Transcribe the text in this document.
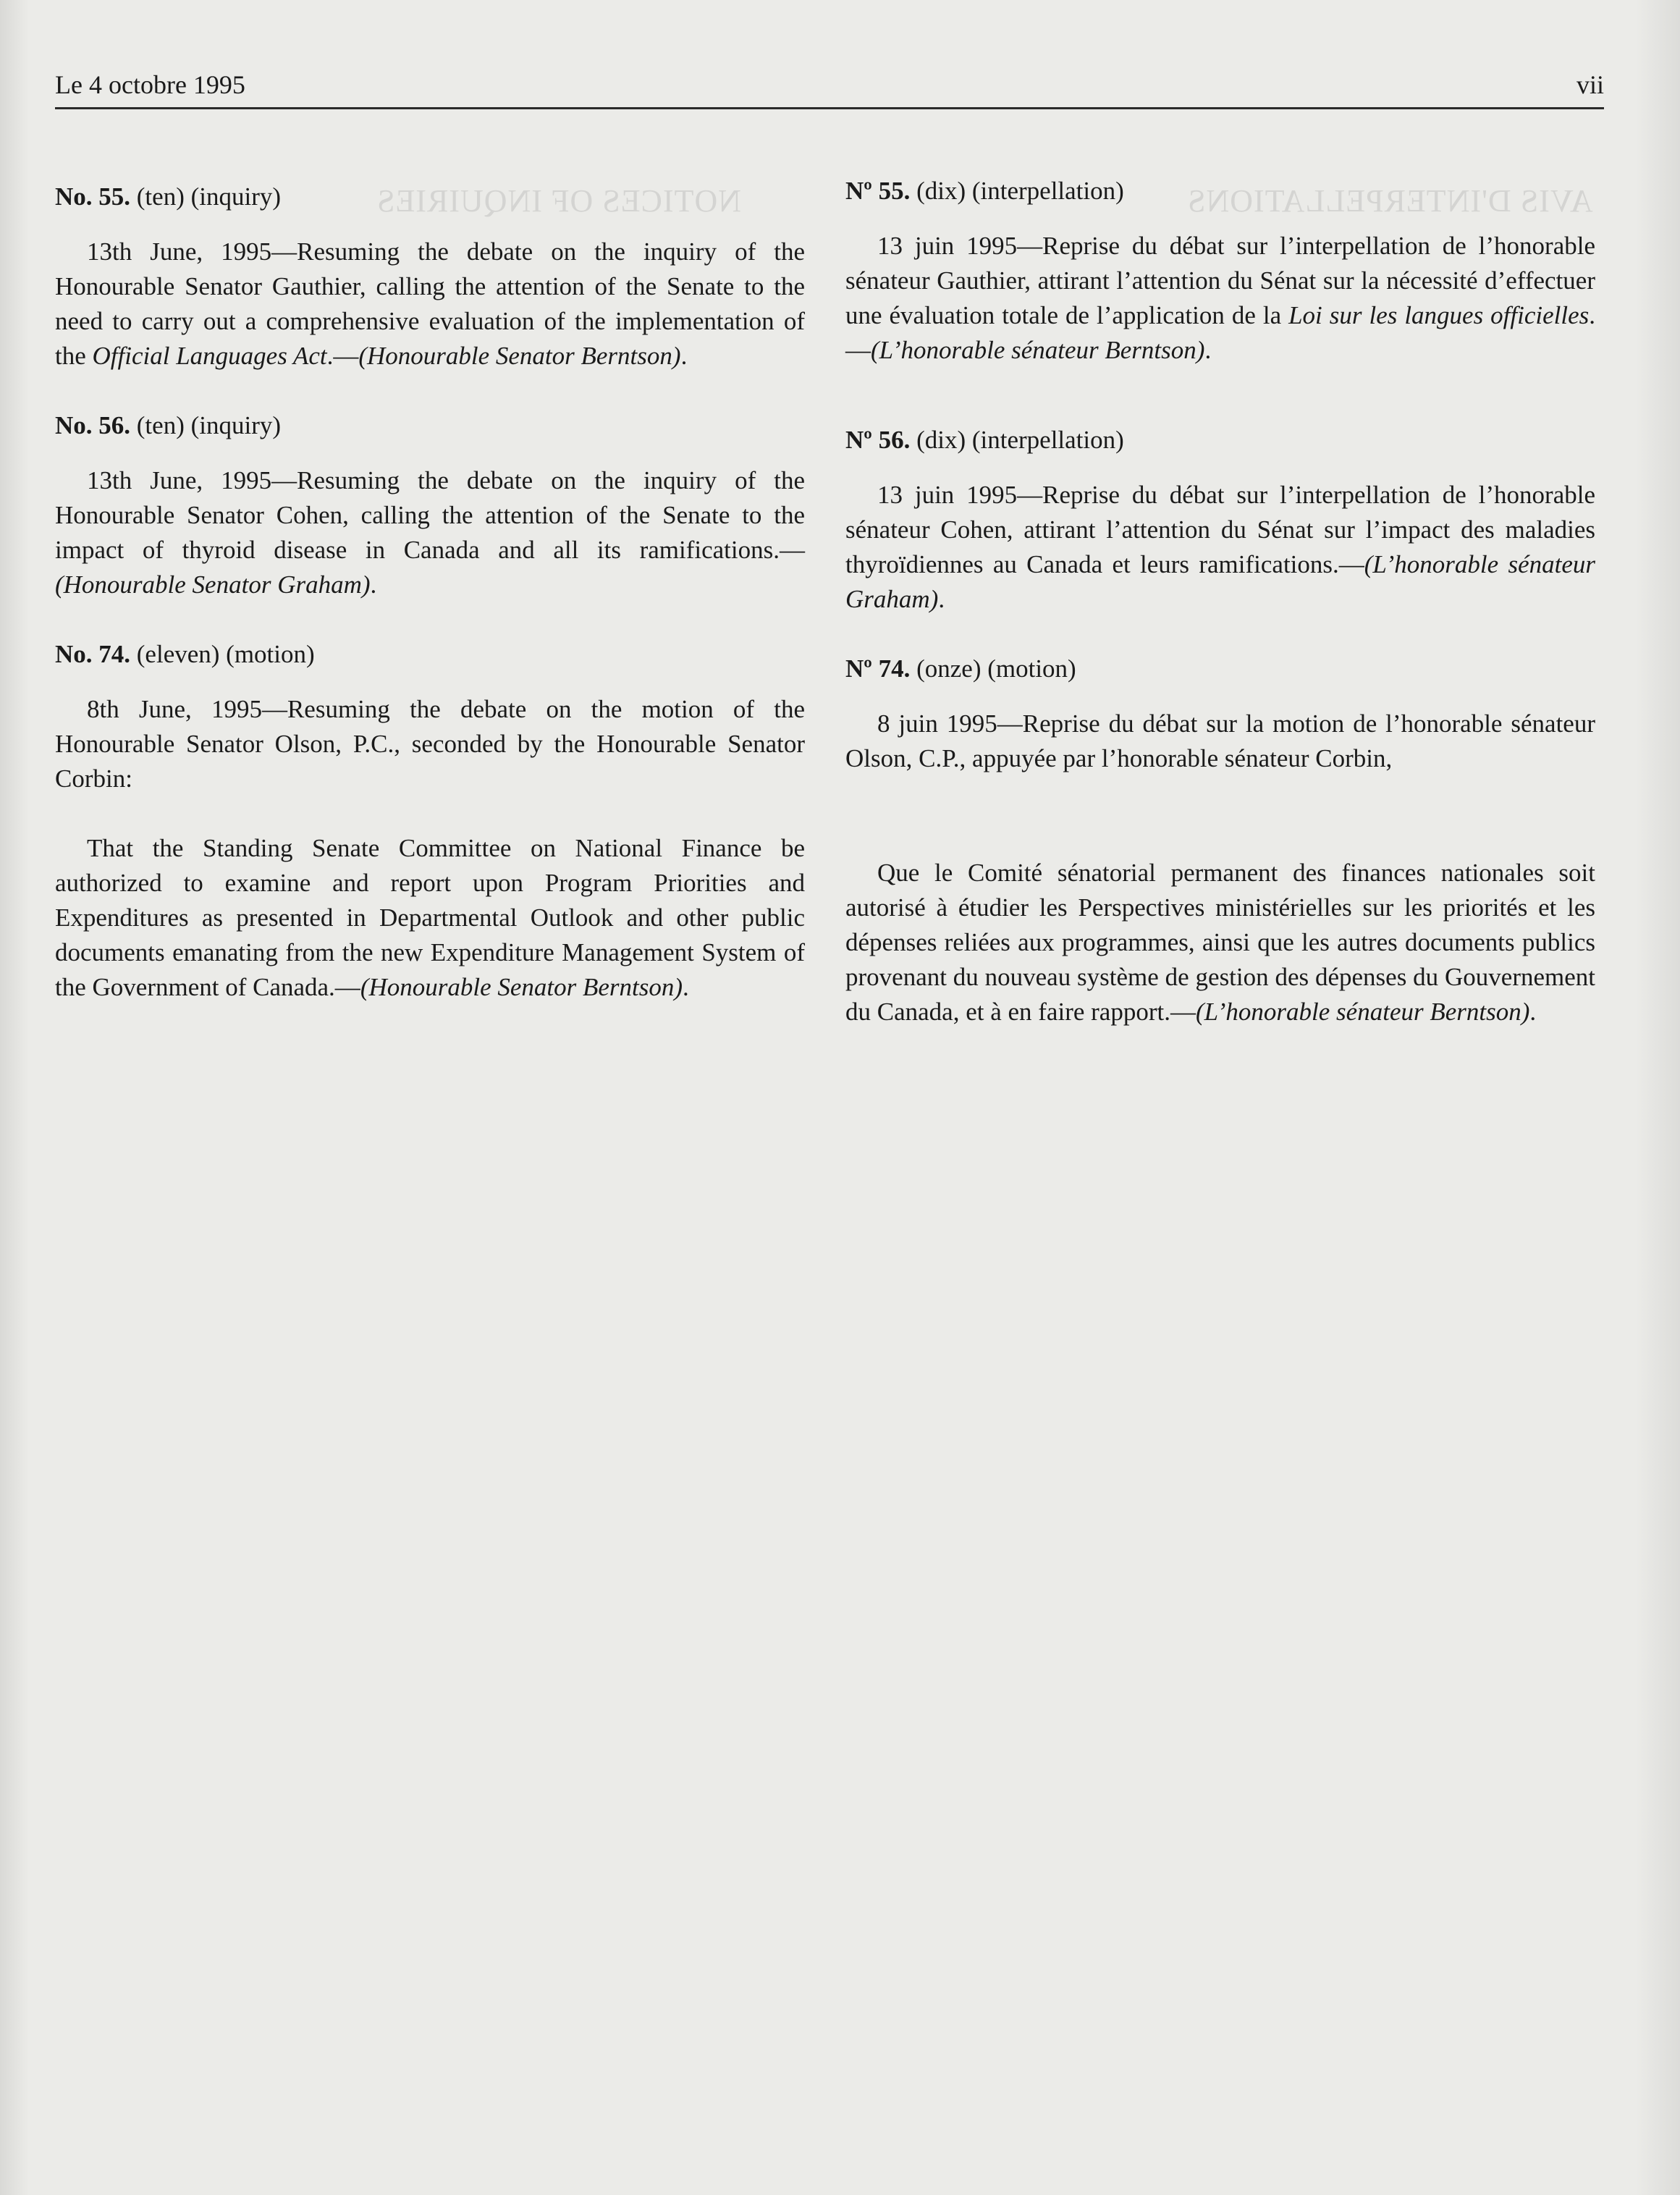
AVIS D'INTERPELLATIONS
NOTICES OF INQUIRIES
Le 4 octobre 1995	vii

No. 55. (ten) (inquiry)

13th June, 1995—Resuming the debate on the inquiry of the Honourable Senator Gauthier, calling the attention of the Senate to the need to carry out a comprehensive evaluation of the implementation of the Official Languages Act.—(Honourable Senator Berntson).

No. 56. (ten) (inquiry)

13th June, 1995—Resuming the debate on the inquiry of the Honourable Senator Cohen, calling the attention of the Senate to the impact of thyroid disease in Canada and all its ramifications.—(Honourable Senator Graham).

No. 74. (eleven) (motion)

8th June, 1995—Resuming the debate on the motion of the Honourable Senator Olson, P.C., seconded by the Honourable Senator Corbin:

That the Standing Senate Committee on National Finance be authorized to examine and report upon Program Priorities and Expenditures as presented in Departmental Outlook and other public documents emanating from the new Expenditure Management System of the Government of Canada.—(Honourable Senator Berntson).

Nº 55. (dix) (interpellation)

13 juin 1995—Reprise du débat sur l’interpellation de l’honorable sénateur Gauthier, attirant l’attention du Sénat sur la nécessité d’effectuer une évaluation totale de l’application de la Loi sur les langues officielles.—(L’honorable sénateur Berntson).

Nº 56. (dix) (interpellation)

13 juin 1995—Reprise du débat sur l’interpellation de l’honorable sénateur Cohen, attirant l’attention du Sénat sur l’impact des maladies thyroïdiennes au Canada et leurs ramifications.—(L’honorable sénateur Graham).

Nº 74. (onze) (motion)

8 juin 1995—Reprise du débat sur la motion de l’honorable sénateur Olson, C.P., appuyée par l’honorable sénateur Corbin,

Que le Comité sénatorial permanent des finances nationales soit autorisé à étudier les Perspectives ministérielles sur les priorités et les dépenses reliées aux programmes, ainsi que les autres documents publics provenant du nouveau système de gestion des dépenses du Gouvernement du Canada, et à en faire rapport.—(L’honorable sénateur Berntson).
